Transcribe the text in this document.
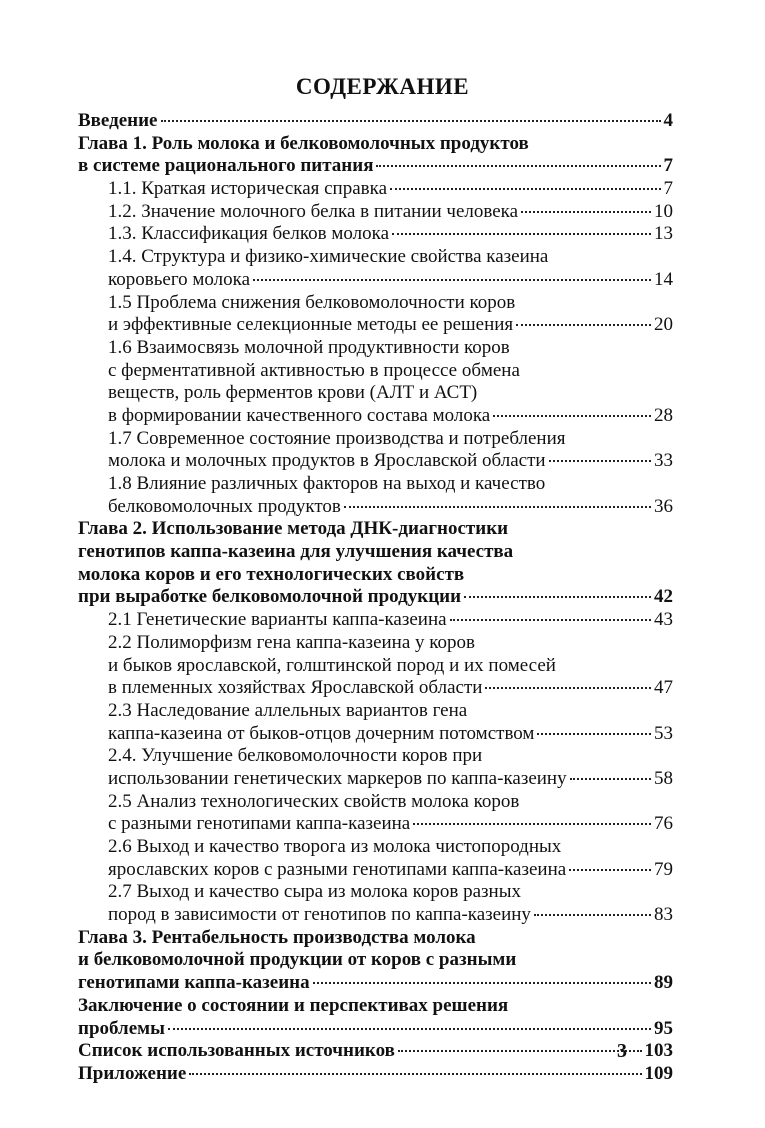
СОДЕРЖАНИЕ
Введение	4
Глава 1. Роль молока и белковомолочных продуктов
в системе рационального питания	7
1.1. Краткая историческая справка	7
1.2. Значение молочного белка в питании человека	10
1.3. Классификация белков молока	13
1.4. Структура и физико-химические свойства казеина
коровьего молока	14
1.5 Проблема снижения белковомолочности коров
и эффективные селекционные методы ее решения	20
1.6 Взаимосвязь молочной продуктивности коров
с ферментативной активностью в процессе обмена
веществ, роль ферментов крови (АЛТ и АСТ)
в формировании качественного состава молока	28
1.7 Современное состояние производства и потребления
молока и молочных продуктов в Ярославской области	33
1.8 Влияние различных факторов на выход и качество
белковомолочных продуктов	36
Глава 2. Использование метода ДНК-диагностики
генотипов каппа-казеина для улучшения качества
молока коров и его технологических свойств
при выработке белковомолочной продукции	42
2.1 Генетические варианты каппа-казеина	43
2.2 Полиморфизм гена каппа-казеина у коров
и быков ярославской, голштинской пород и их помесей
в племенных хозяйствах Ярославской области	47
2.3 Наследование аллельных вариантов гена
каппа-казеина от быков-отцов дочерним потомством	53
2.4. Улучшение белковомолочности коров при
использовании генетических маркеров по каппа-казеину	58
2.5 Анализ технологических свойств молока коров
с разными генотипами каппа-казеина	76
2.6 Выход и качество творога из молока чистопородных
ярославских коров с разными генотипами каппа-казеина	79
2.7 Выход и качество сыра из молока коров разных
пород в зависимости от генотипов по каппа-казеину	83
Глава 3. Рентабельность производства молока
и белковомолочной продукции от коров с разными
генотипами каппа-казеина	89
Заключение о состоянии и перспективах решения
проблемы	95
Список использованных источников	103
Приложение	109
3
